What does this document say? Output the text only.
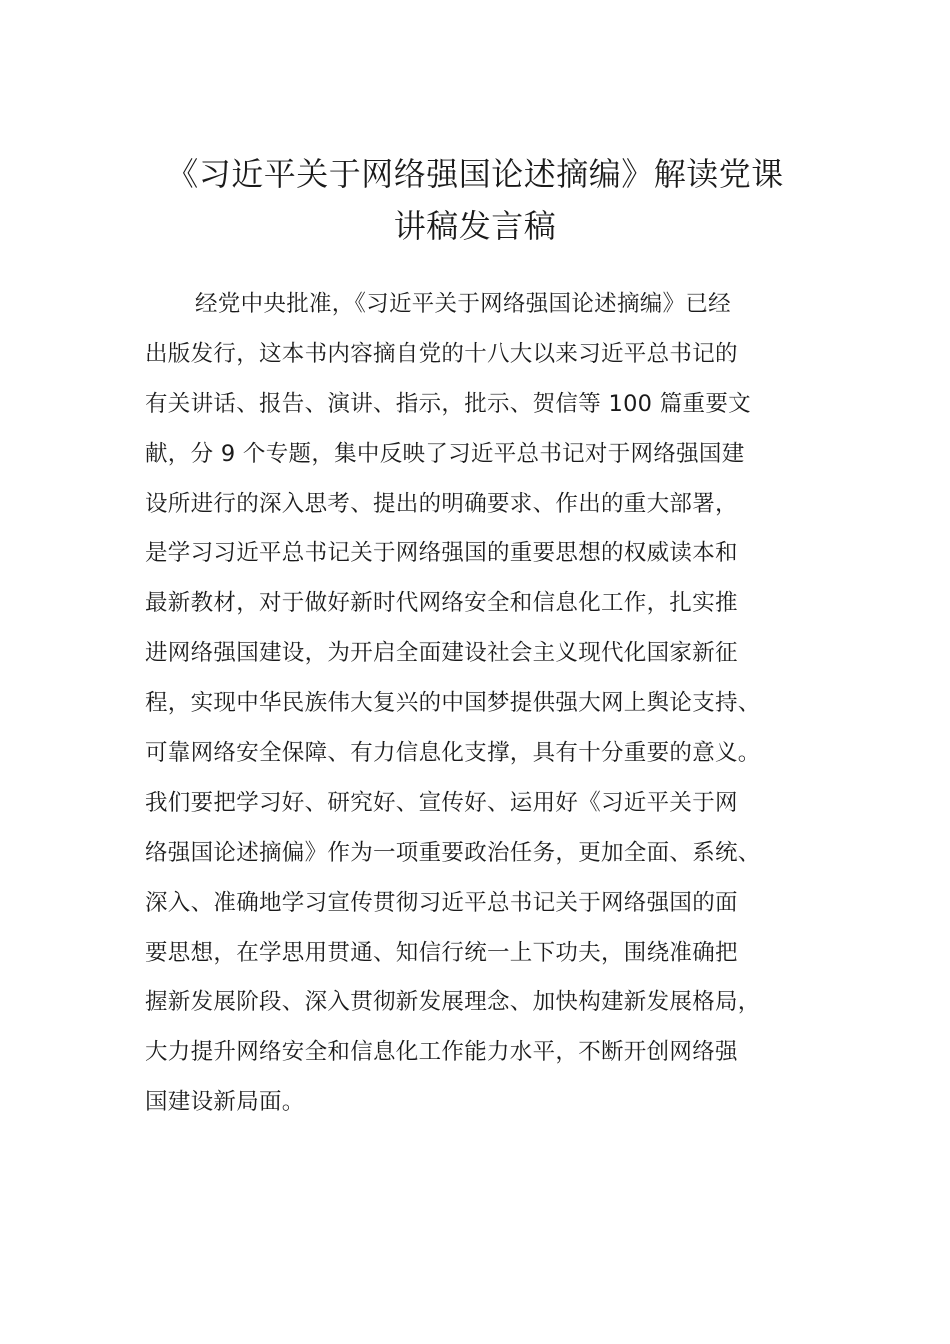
《习近平关于网络强国论述摘编》解读党课
讲稿发言稿
经党中央批准，《习近平关于网络强国论述摘编》已经
出版发行，这本书内容摘自党的十八大以来习近平总书记的
有关讲话、报告、演讲、指示，批示、贺信等 100 篇重要文
献，分 9 个专题，集中反映了习近平总书记对于网络强国建
设所进行的深入思考、提出的明确要求、作出的重大部署，
是学习习近平总书记关于网络强国的重要思想的权威读本和
最新教材，对于做好新时代网络安全和信息化工作，扎实推
进网络强国建设，为开启全面建设社会主义现代化国家新征
程，实现中华民族伟大复兴的中国梦提供强大网上舆论支持、
可靠网络安全保障、有力信息化支撑，具有十分重要的意义。
我们要把学习好、研究好、宣传好、运用好《习近平关于网
络强国论述摘偏》作为一项重要政治任务，更加全面、系统、
深入、准确地学习宣传贯彻习近平总书记关于网络强国的面
要思想，在学思用贯通、知信行统一上下功夫，围绕准确把
握新发展阶段、深入贯彻新发展理念、加快构建新发展格局，
大力提升网络安全和信息化工作能力水平，不断开创网络强
国建设新局面。
